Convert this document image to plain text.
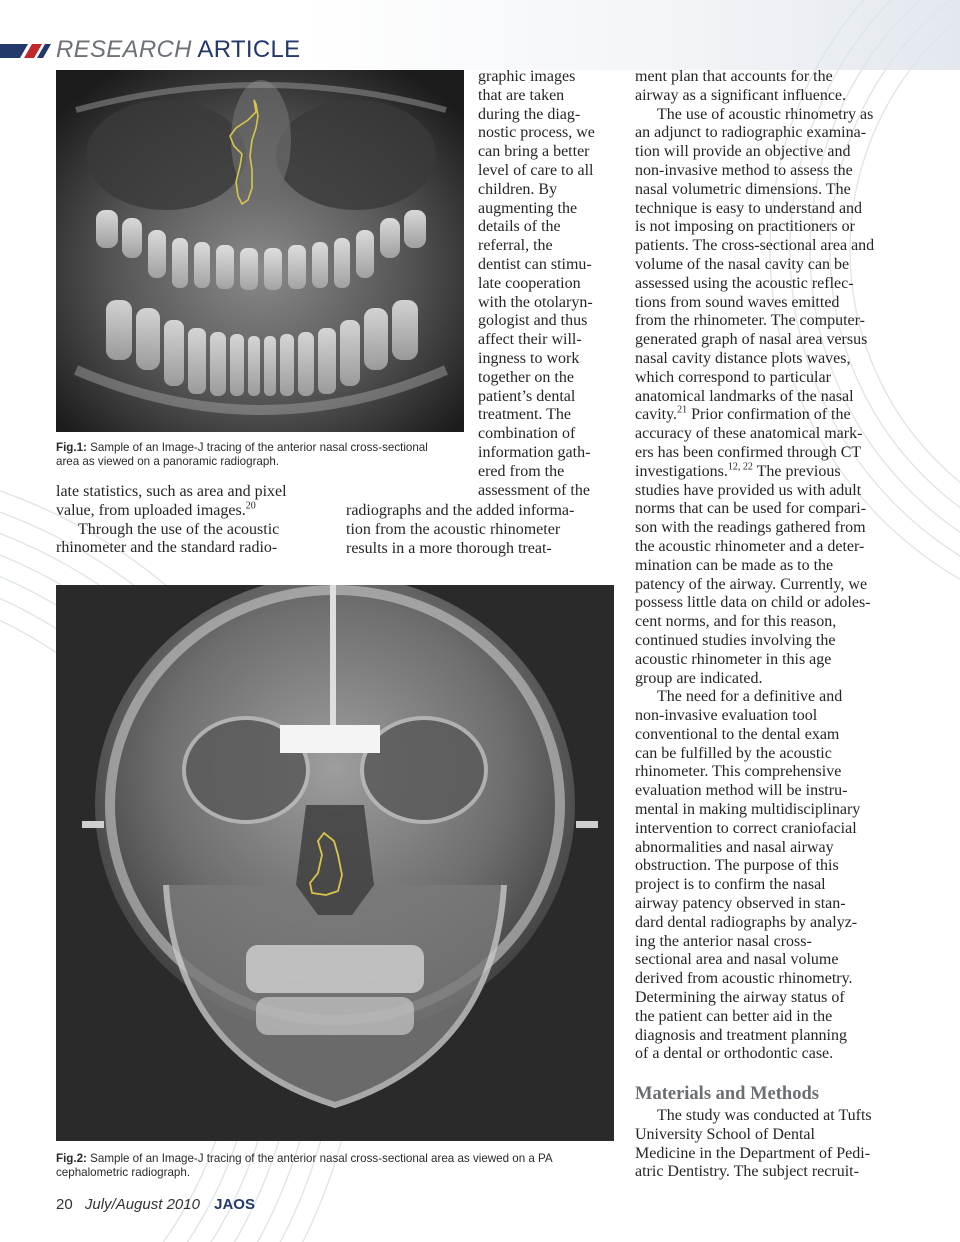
RESEARCH ARTICLE
Fig.1: Sample of an Image-J tracing of the anterior nasal cross-sectional
area as viewed on a panoramic radiograph.
late statistics, such as area and pixel
value, from uploaded images.$^{20}$
Through the use of the acoustic
rhinometer and the standard radio-
graphic images
that are taken
during the diag-
nostic process, we
can bring a better
level of care to all
children. By
augmenting the
details of the
referral, the
dentist can stimu-
late cooperation
with the otolaryn-
gologist and thus
affect their will-
ingness to work
together on the
patient’s dental
treatment. The
combination of
information gath-
ered from the
assessment of the
radiographs and the added informa-
tion from the acoustic rhinometer
results in a more thorough treat-
Fig.2: Sample of an Image-J tracing of the anterior nasal cross-sectional area as viewed on a PA
cephalometric radiograph.
ment plan that accounts for the
airway as a significant influence.
The use of acoustic rhinometry as
an adjunct to radiographic examina-
tion will provide an objective and
non-invasive method to assess the
nasal volumetric dimensions. The
technique is easy to understand and
is not imposing on practitioners or
patients. The cross-sectional area and
volume of the nasal cavity can be
assessed using the acoustic reflec-
tions from sound waves emitted
from the rhinometer. The computer-
generated graph of nasal area versus
nasal cavity distance plots waves,
which correspond to particular
anatomical landmarks of the nasal
cavity.$^{21}$ Prior confirmation of the
accuracy of these anatomical mark-
ers has been confirmed through CT
investigations.$^{12, 22}$ The previous
studies have provided us with adult
norms that can be used for compari-
son with the readings gathered from
the acoustic rhinometer and a deter-
mination can be made as to the
patency of the airway. Currently, we
possess little data on child or adoles-
cent norms, and for this reason,
continued studies involving the
acoustic rhinometer in this age
group are indicated.
The need for a definitive and
non-invasive evaluation tool
conventional to the dental exam
can be fulfilled by the acoustic
rhinometer. This comprehensive
evaluation method will be instru-
mental in making multidisciplinary
intervention to correct craniofacial
abnormalities and nasal airway
obstruction. The purpose of this
project is to confirm the nasal
airway patency observed in stan-
dard dental radiographs by analyz-
ing the anterior nasal cross-
sectional area and nasal volume
derived from acoustic rhinometry.
Determining the airway status of
the patient can better aid in the
diagnosis and treatment planning
of a dental or orthodontic case.
Materials and Methods
The study was conducted at Tufts
University School of Dental
Medicine in the Department of Pedi-
atric Dentistry. The subject recruit-
20 July/August 2010 JAOS
